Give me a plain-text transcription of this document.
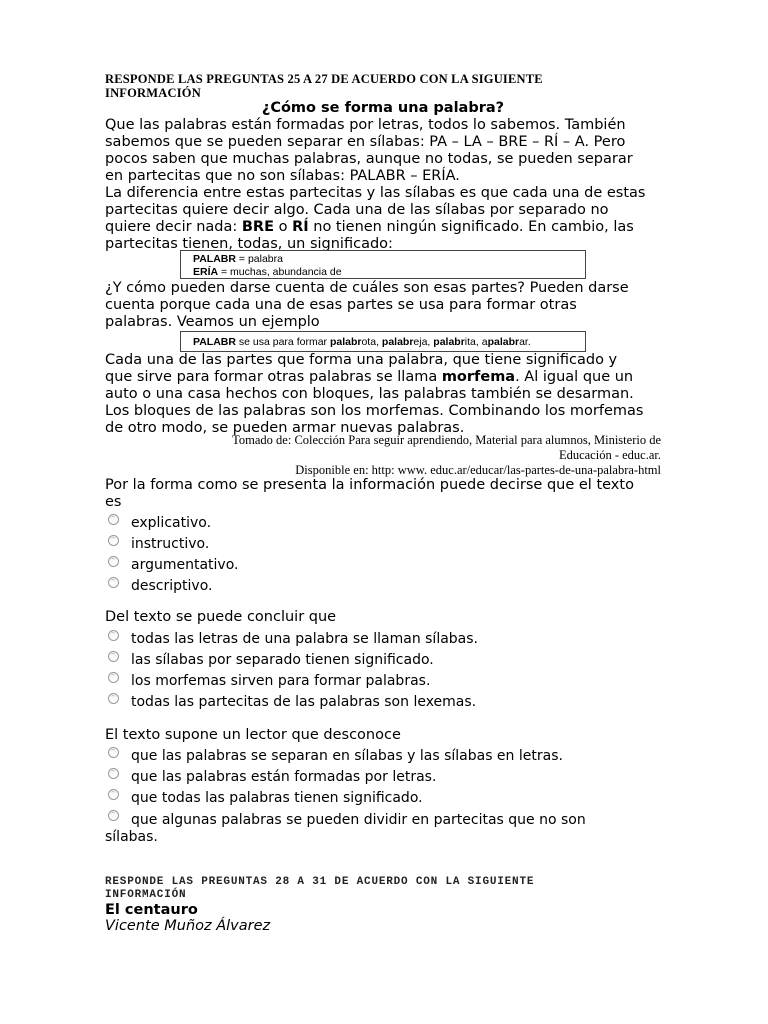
RESPONDE LAS PREGUNTAS 25 A 27 DE ACUERDO CON LA SIGUIENTE
INFORMACIÓN
¿Cómo se forma una palabra?
Que las palabras están formadas por letras, todos lo sabemos. También
sabemos que se pueden separar en sílabas: PA – LA – BRE – RÍ – A. Pero
pocos saben que muchas palabras, aunque no todas, se pueden separar
en partecitas que no son sílabas: PALABR – ERÍA.
La diferencia entre estas partecitas y las sílabas es que cada una de estas
partecitas quiere decir algo. Cada una de las sílabas por separado no
quiere decir nada: BRE o RÍ no tienen ningún significado. En cambio, las
partecitas tienen, todas, un significado:
PALABR = palabra
ERÍA = muchas, abundancia de
¿Y cómo pueden darse cuenta de cuáles son esas partes? Pueden darse
cuenta porque cada una de esas partes se usa para formar otras
palabras. Veamos un ejemplo
PALABR se usa para formar palabrota, palabreja, palabrita, apalabrar.
Cada una de las partes que forma una palabra, que tiene significado y
que sirve para formar otras palabras se llama morfema. Al igual que un
auto o una casa hechos con bloques, las palabras también se desarman.
Los bloques de las palabras son los morfemas. Combinando los morfemas
de otro modo, se pueden armar nuevas palabras.
Tomado de: Colección Para seguir aprendiendo, Material para alumnos, Ministerio de
Educación - educ.ar.
Disponible en: http: www. educ.ar/educar/las-partes-de-una-palabra-html
Por la forma como se presenta la información puede decirse que el texto
es
explicativo.
instructivo.
argumentativo.
descriptivo.
Del texto se puede concluir que
todas las letras de una palabra se llaman sílabas.
las sílabas por separado tienen significado.
los morfemas sirven para formar palabras.
todas las partecitas de las palabras son lexemas.
El texto supone un lector que desconoce
que las palabras se separan en sílabas y las sílabas en letras.
que las palabras están formadas por letras.
que todas las palabras tienen significado.
que algunas palabras se pueden dividir en partecitas que no son
sílabas.
RESPONDE LAS PREGUNTAS 28 A 31 DE ACUERDO CON LA SIGUIENTE
INFORMACIÓN
El centauro
Vicente Muñoz Álvarez
